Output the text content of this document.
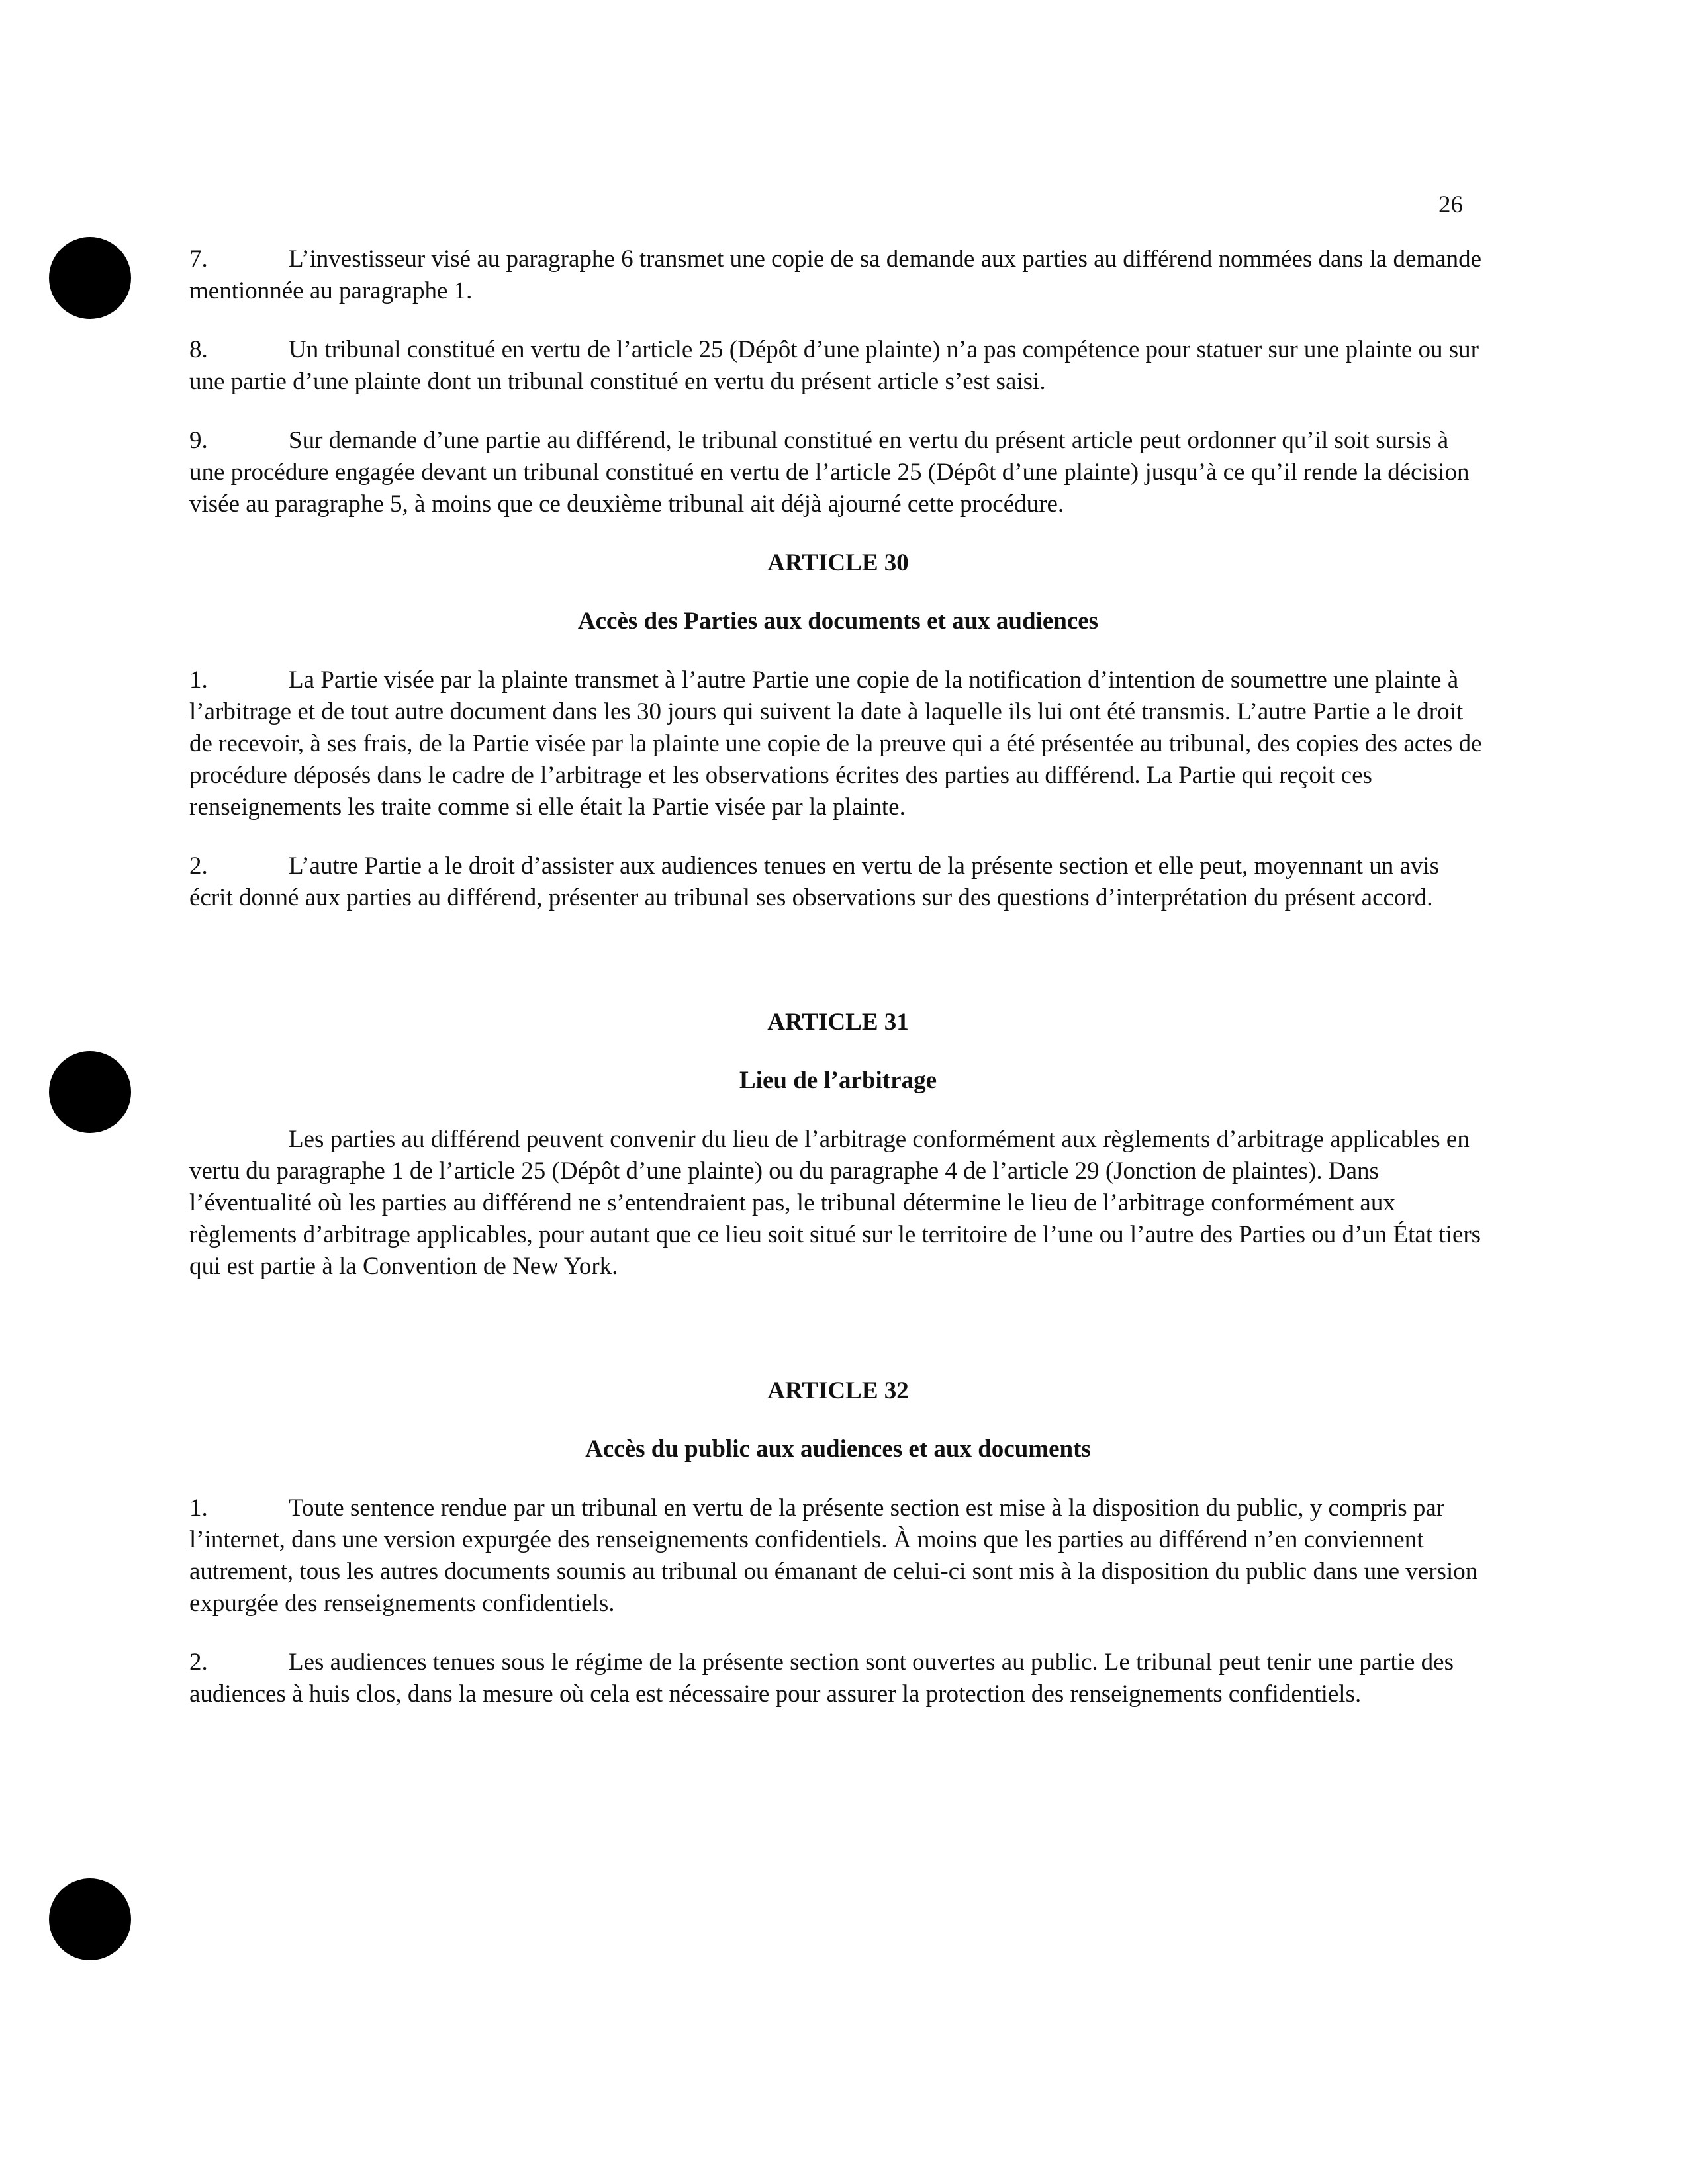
26

7.	L’investisseur visé au paragraphe 6 transmet une copie de sa demande aux parties au différend nommées dans la demande mentionnée au paragraphe 1.

8.	Un tribunal constitué en vertu de l’article 25 (Dépôt d’une plainte) n’a pas compétence pour statuer sur une plainte ou sur une partie d’une plainte dont un tribunal constitué en vertu du présent article s’est saisi.

9.	Sur demande d’une partie au différend, le tribunal constitué en vertu du présent article peut ordonner qu’il soit sursis à une procédure engagée devant un tribunal constitué en vertu de l’article 25 (Dépôt d’une plainte) jusqu’à ce qu’il rende la décision visée au paragraphe 5, à moins que ce deuxième tribunal ait déjà ajourné cette procédure.

ARTICLE 30

Accès des Parties aux documents et aux audiences

1.	La Partie visée par la plainte transmet à l’autre Partie une copie de la notification d’intention de soumettre une plainte à l’arbitrage et de tout autre document dans les 30 jours qui suivent la date à laquelle ils lui ont été transmis. L’autre Partie a le droit de recevoir, à ses frais, de la Partie visée par la plainte une copie de la preuve qui a été présentée au tribunal, des copies des actes de procédure déposés dans le cadre de l’arbitrage et les observations écrites des parties au différend. La Partie qui reçoit ces renseignements les traite comme si elle était la Partie visée par la plainte.

2.	L’autre Partie a le droit d’assister aux audiences tenues en vertu de la présente section et elle peut, moyennant un avis écrit donné aux parties au différend, présenter au tribunal ses observations sur des questions d’interprétation du présent accord.

ARTICLE 31

Lieu de l’arbitrage

Les parties au différend peuvent convenir du lieu de l’arbitrage conformément aux règlements d’arbitrage applicables en vertu du paragraphe 1 de l’article 25 (Dépôt d’une plainte) ou du paragraphe 4 de l’article 29 (Jonction de plaintes). Dans l’éventualité où les parties au différend ne s’entendraient pas, le tribunal détermine le lieu de l’arbitrage conformément aux règlements d’arbitrage applicables, pour autant que ce lieu soit situé sur le territoire de l’une ou l’autre des Parties ou d’un État tiers qui est partie à la Convention de New York.

ARTICLE 32

Accès du public aux audiences et aux documents

1.	Toute sentence rendue par un tribunal en vertu de la présente section est mise à la disposition du public, y compris par l’internet, dans une version expurgée des renseignements confidentiels. À moins que les parties au différend n’en conviennent autrement, tous les autres documents soumis au tribunal ou émanant de celui-ci sont mis à la disposition du public dans une version expurgée des renseignements confidentiels.

2.	Les audiences tenues sous le régime de la présente section sont ouvertes au public. Le tribunal peut tenir une partie des audiences à huis clos, dans la mesure où cela est nécessaire pour assurer la protection des renseignements confidentiels.
